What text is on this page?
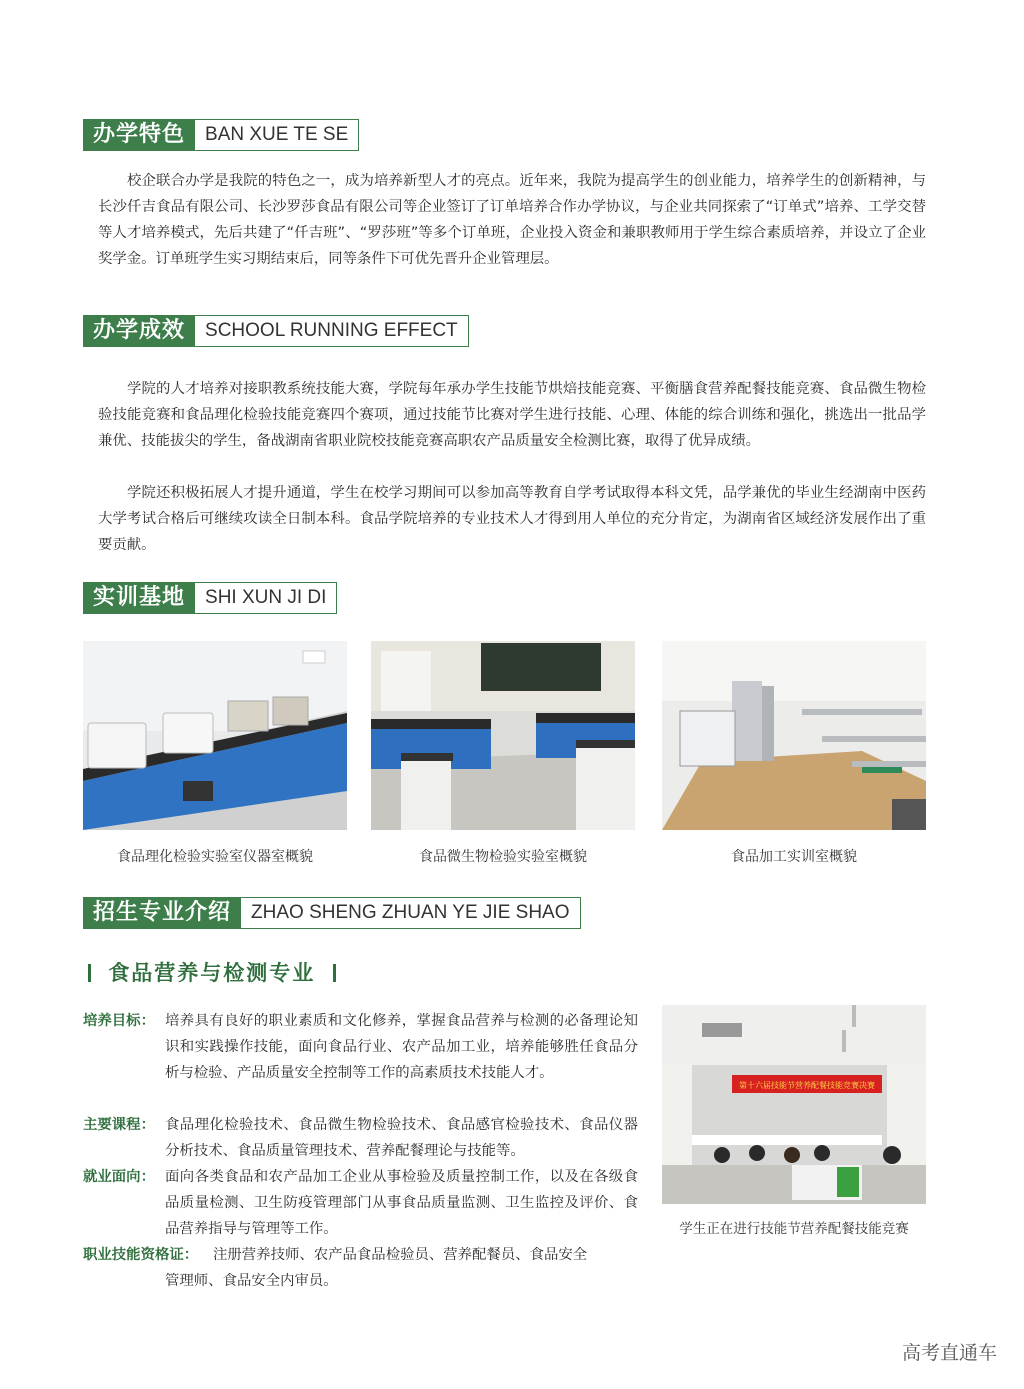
办学特色	BAN XUE TE SE

校企联合办学是我院的特色之一，成为培养新型人才的亮点。近年来，我院为提高学生的创业能力，培养学生的创新精神，与长沙仟吉食品有限公司、长沙罗莎食品有限公司等企业签订了订单培养合作办学协议，与企业共同探索了“订单式”培养、工学交替等人才培养模式，先后共建了“仟吉班”、“罗莎班”等多个订单班，企业投入资金和兼职教师用于学生综合素质培养，并设立了企业奖学金。订单班学生实习期结束后，同等条件下可优先晋升企业管理层。

办学成效	SCHOOL RUNNING EFFECT

学院的人才培养对接职教系统技能大赛，学院每年承办学生技能节烘焙技能竞赛、平衡膳食营养配餐技能竞赛、食品微生物检验技能竞赛和食品理化检验技能竞赛四个赛项，通过技能节比赛对学生进行技能、心理、体能的综合训练和强化，挑选出一批品学兼优、技能拔尖的学生，备战湖南省职业院校技能竞赛高职农产品质量安全检测比赛，取得了优异成绩。

学院还积极拓展人才提升通道，学生在校学习期间可以参加高等教育自学考试取得本科文凭，品学兼优的毕业生经湖南中医药大学考试合格后可继续攻读全日制本科。食品学院培养的专业技术人才得到用人单位的充分肯定，为湖南省区域经济发展作出了重要贡献。

实训基地	SHI XUN JI DI
食品理化检验实验室仪器室概貌	食品微生物检验实验室概貌	食品加工实训室概貌
招生专业介绍	ZHAO SHENG ZHUAN YE JIE SHAO
食品营养与检测专业
培养目标： 培养具有良好的职业素质和文化修养，掌握食品营养与检测的必备理论知识和实践操作技能，面向食品行业、农产品加工业，培养能够胜任食品分析与检验、产品质量安全控制等工作的高素质技术技能人才。
主要课程： 食品理化检验技术、食品微生物检验技术、食品感官检验技术、食品仪器分析技术、食品质量管理技术、营养配餐理论与技能等。
就业面向： 面向各类食品和农产品加工企业从事检验及质量控制工作，以及在各级食品质量检测、卫生防疫管理部门从事食品质量监测、卫生监控及评价、食品营养指导与管理等工作。
职业技能资格证： 注册营养技师、农产品食品检验员、营养配餐员、食品安全
管理师、食品安全内审员。
第十六届技能节营养配餐技能竞赛决赛
学生正在进行技能节营养配餐技能竞赛
高考直通车
